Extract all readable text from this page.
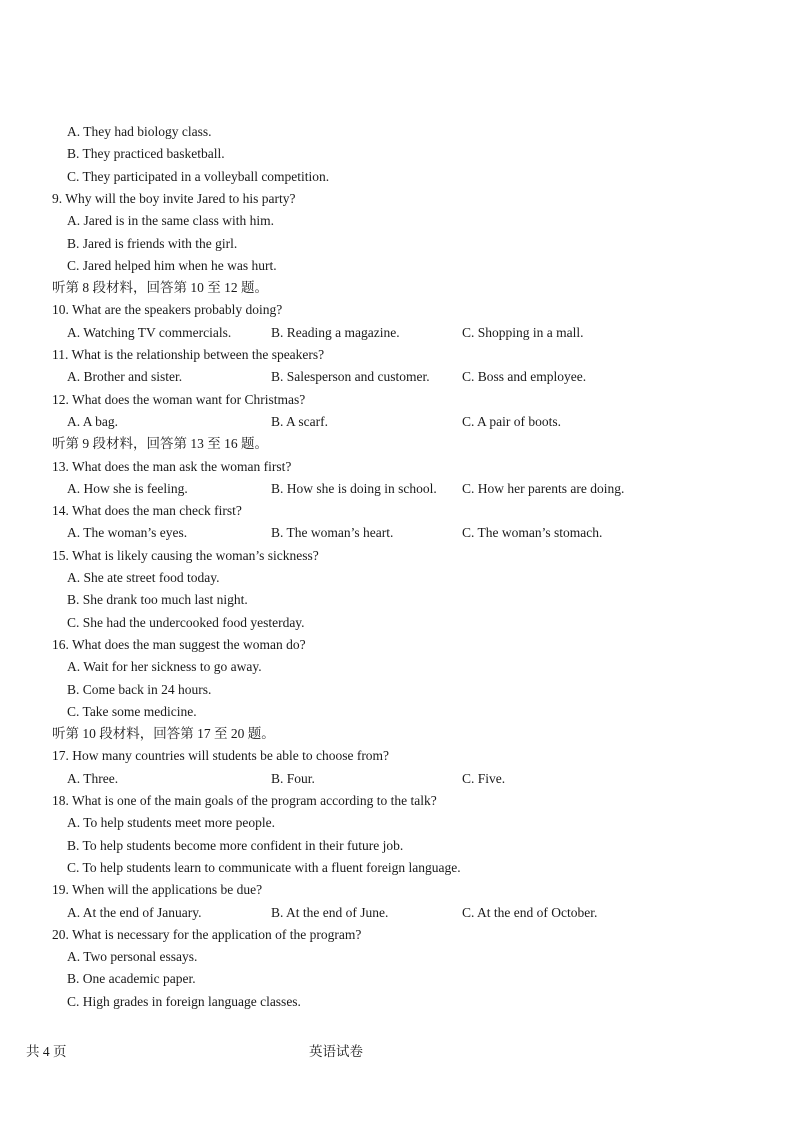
A. They had biology class.
B. They practiced basketball.
C. They participated in a volleyball competition.
9. Why will the boy invite Jared to his party?
A. Jared is in the same class with him.
B. Jared is friends with the girl.
C. Jared helped him when he was hurt.
听第 8 段材料，回答第 10 至 12 题。
10. What are the speakers probably doing?
A. Watching TV commercials.	B. Reading a magazine.	C. Shopping in a mall.
11. What is the relationship between the speakers?
A. Brother and sister.	B. Salesperson and customer. C. Boss and employee.
12. What does the woman want for Christmas?
A. A bag.	B. A scarf.	C. A pair of boots.
听第 9 段材料，回答第 13 至 16 题。
13. What does the man ask the woman first?
A. How she is feeling.	B. How she is doing in school. C. How her parents are doing.
14. What does the man check first?
A. The woman’s eyes.	B. The woman’s heart.	C. The woman’s stomach.
15. What is likely causing the woman’s sickness?
A. She ate street food today.
B. She drank too much last night.
C. She had the undercooked food yesterday.
16. What does the man suggest the woman do?
A. Wait for her sickness to go away.
B. Come back in 24 hours.
C. Take some medicine.
听第 10 段材料，回答第 17 至 20 题。
17. How many countries will students be able to choose from?
A. Three.	B. Four.	C. Five.
18. What is one of the main goals of the program according to the talk?
A. To help students meet more people.
B. To help students become more confident in their future job.
C. To help students learn to communicate with a fluent foreign language.
19. When will the applications be due?
A. At the end of January.	B. At the end of June.	C. At the end of October.
20. What is necessary for the application of the program?
A. Two personal essays.
B. One academic paper.
C. High grades in foreign language classes.
共 4 页	英语试卷
